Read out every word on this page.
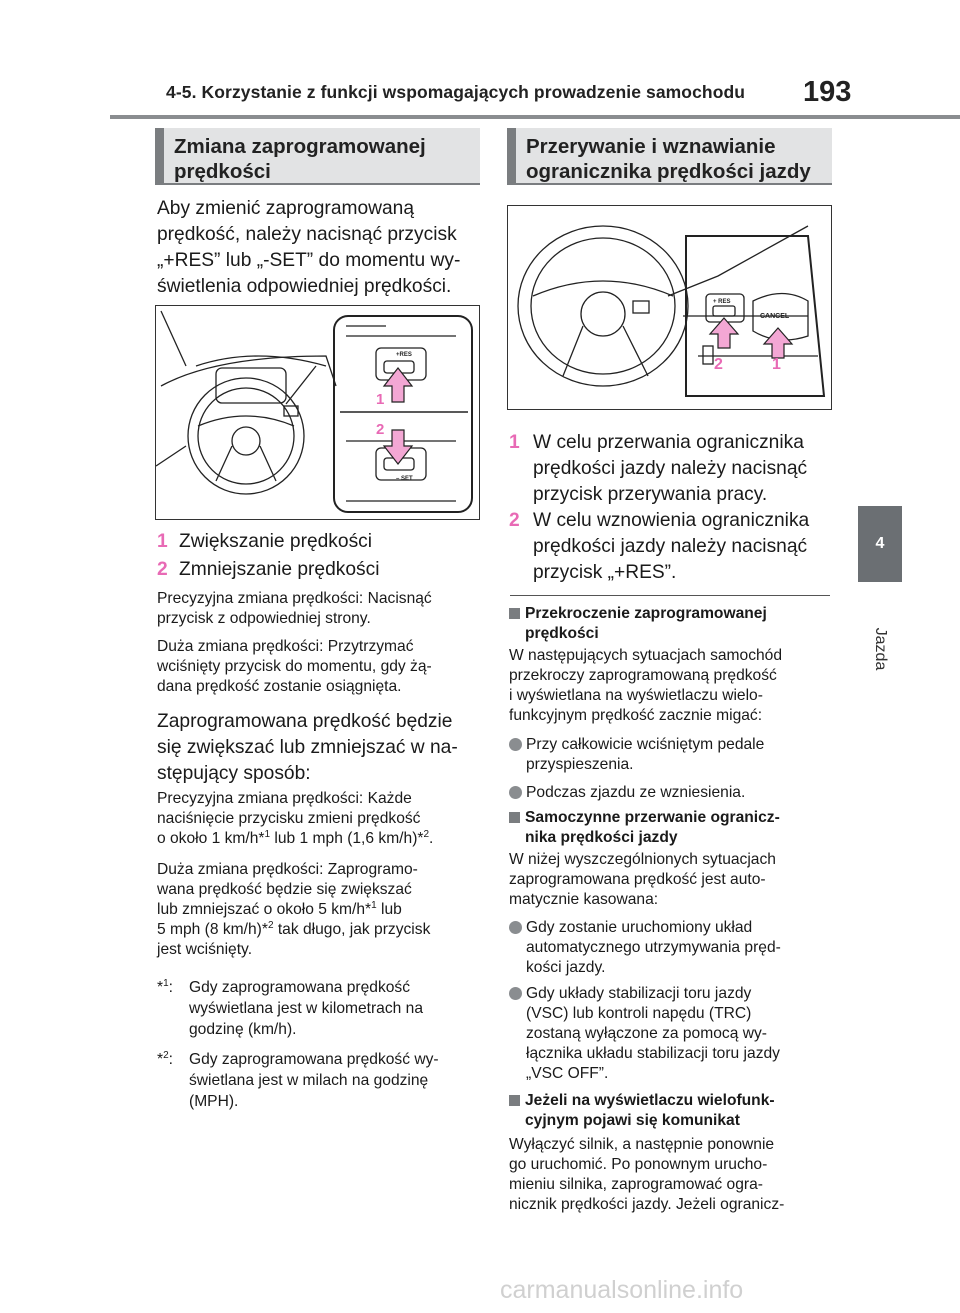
4-5. Korzystanie z funkcji wspomagających prowadzenie samochodu 193
4
Jazda
Zmiana zaprogramowanej
prędkości
Aby zmienić zaprogramowaną
prędkość, należy nacisnąć przycisk
„+RES” lub „-SET” do momentu wy-
świetlenia odpowiedniej prędkości.
+RES
– SET
1
2
1 Zwiększanie prędkości
2 Zmniejszanie prędkości
Precyzyjna zmiana prędkości: Nacisnąć
przycisk z odpowiedniej strony.
Duża zmiana prędkości: Przytrzymać
wciśnięty przycisk do momentu, gdy żą-
dana prędkość zostanie osiągnięta.
Zaprogramowana prędkość będzie
się zwiększać lub zmniejszać w na-
stępujący sposób:
Precyzyjna zmiana prędkości: Każde
naciśnięcie przycisku zmieni prędkość
o około 1 km/h*$^1$ lub 1 mph (1,6 km/h)*$^2$.
Duża zmiana prędkości: Zaprogramo-
wana prędkość będzie się zwiększać
lub zmniejszać o około 5 km/h*$^1$ lub
5 mph (8 km/h)*$^2$ tak długo, jak przycisk
jest wciśnięty.
*$^1$: Gdy zaprogramowana prędkość
wyświetlana jest w kilometrach na
godzinę (km/h).
*$^2$: Gdy zaprogramowana prędkość wy-
świetlana jest w milach na godzinę
(MPH).
Przerywanie i wznawianie
ogranicznika prędkości jazdy
+ RES
CANCEL
2	1
1 W celu przerwania ogranicznika
prędkości jazdy należy nacisnąć
przycisk przerywania pracy.
2 W celu wznowienia ogranicznika
prędkości jazdy należy nacisnąć
przycisk „+RES”.
Przekroczenie zaprogramowanej
prędkości
W następujących sytuacjach samochód
przekroczy zaprogramowaną prędkość
i wyświetlana na wyświetlaczu wielo-
funkcyjnym prędkość zacznie migać:
Przy całkowicie wciśniętym pedale
przyspieszenia.
Podczas zjazdu ze wzniesienia.
Samoczynne przerwanie ogranicz-
nika prędkości jazdy
W niżej wyszczególnionych sytuacjach
zaprogramowana prędkość jest auto-
matycznie kasowana:
Gdy zostanie uruchomiony układ
automatycznego utrzymywania pręd-
kości jazdy.
Gdy układy stabilizacji toru jazdy
(VSC) lub kontroli napędu (TRC)
zostaną wyłączone za pomocą wy-
łącznika układu stabilizacji toru jazdy
„VSC OFF”.
Jeżeli na wyświetlaczu wielofunk-
cyjnym pojawi się komunikat
Wyłączyć silnik, a następnie ponownie
go uruchomić. Po ponownym urucho-
mieniu silnika, zaprogramować ogra-
nicznik prędkości jazdy. Jeżeli ogranicz-
carmanualsonline.info
